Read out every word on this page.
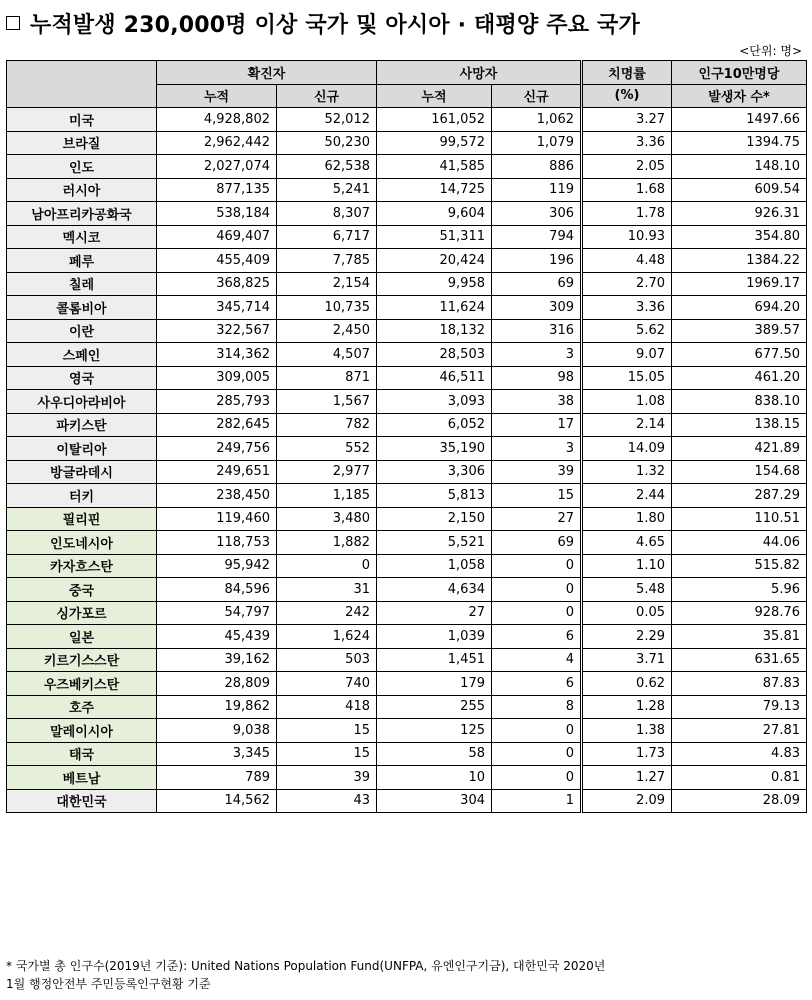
누적발생 230,000명 이상 국가 및 아시아 · 태평양 주요 국가
<단위: 명>
	확진자		사망자		치명률	인구10만명당
	누적	신규	누적	신규	(%)	발생자 수*
미국	4,928,802	52,012	161,052	1,062	3.27	1497.66
브라질	2,962,442	50,230	99,572	1,079	3.36	1394.75
인도	2,027,074	62,538	41,585	886	2.05	148.10
러시아	877,135	5,241	14,725	119	1.68	609.54
남아프리카공화국	538,184	8,307	9,604	306	1.78	926.31
멕시코	469,407	6,717	51,311	794	10.93	354.80
페루	455,409	7,785	20,424	196	4.48	1384.22
칠레	368,825	2,154	9,958	69	2.70	1969.17
콜롬비아	345,714	10,735	11,624	309	3.36	694.20
이란	322,567	2,450	18,132	316	5.62	389.57
스페인	314,362	4,507	28,503	3	9.07	677.50
영국	309,005	871	46,511	98	15.05	461.20
사우디아라비아	285,793	1,567	3,093	38	1.08	838.10
파키스탄	282,645	782	6,052	17	2.14	138.15
이탈리아	249,756	552	35,190	3	14.09	421.89
방글라데시	249,651	2,977	3,306	39	1.32	154.68
터키	238,450	1,185	5,813	15	2.44	287.29
필리핀	119,460	3,480	2,150	27	1.80	110.51
인도네시아	118,753	1,882	5,521	69	4.65	44.06
카자흐스탄	95,942	0	1,058	0	1.10	515.82
중국	84,596	31	4,634	0	5.48	5.96
싱가포르	54,797	242	27	0	0.05	928.76
일본	45,439	1,624	1,039	6	2.29	35.81
키르기스스탄	39,162	503	1,451	4	3.71	631.65
우즈베키스탄	28,809	740	179	6	0.62	87.83
호주	19,862	418	255	8	1.28	79.13
말레이시아	9,038	15	125	0	1.38	27.81
태국	3,345	15	58	0	1.73	4.83
베트남	789	39	10	0	1.27	0.81
대한민국	14,562	43	304	1	2.09	28.09
* 국가별 총 인구수(2019년 기준): United Nations Population Fund(UNFPA, 유엔인구기금), 대한민국 2020년
1월 행정안전부 주민등록인구현황 기준
